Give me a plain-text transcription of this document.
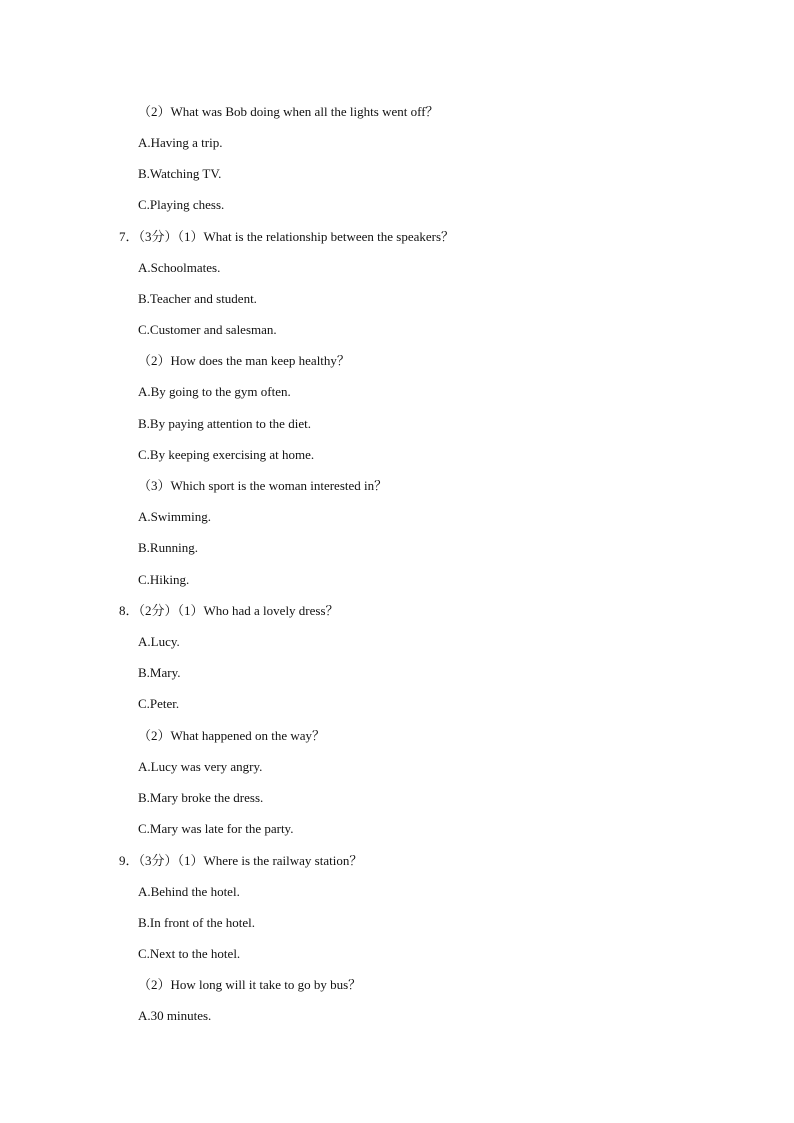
（2）What was Bob doing when all the lights went off？
A.Having a trip.
B.Watching TV.
C.Playing chess.
7．（3分）（1）What is the relationship between the speakers？
A.Schoolmates.
B.Teacher and student.
C.Customer and salesman.
（2）How does the man keep healthy？
A.By going to the gym often.
B.By paying attention to the diet.
C.By keeping exercising at home.
（3）Which sport is the woman interested in？
A.Swimming.
B.Running.
C.Hiking.
8．（2分）（1）Who had a lovely dress？
A.Lucy.
B.Mary.
C.Peter.
（2）What happened on the way？
A.Lucy was very angry.
B.Mary broke the dress.
C.Mary was late for the party.
9．（3分）（1）Where is the railway station？
A.Behind the hotel.
B.In front of the hotel.
C.Next to the hotel.
（2）How long will it take to go by bus？
A.30 minutes.
